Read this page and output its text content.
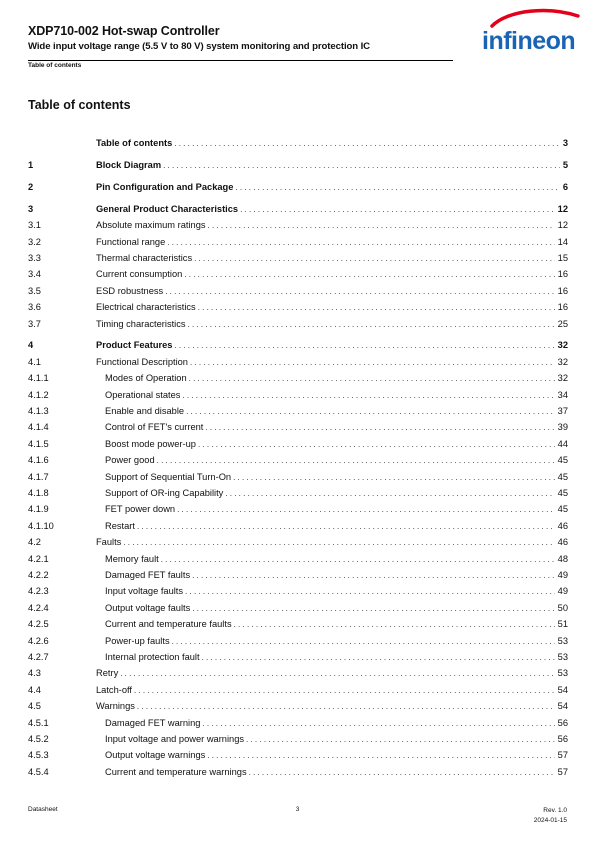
XDP710-002 Hot-swap Controller
Wide input voltage range (5.5 V to 80 V) system monitoring and protection IC
Table of contents
infineon
Table of contents
Table of contents . . .	3
1	Block Diagram . . .	5
2	Pin Configuration and Package . . .	6
3	General Product Characteristics . . .	12
3.1	Absolute maximum ratings . . .	12
3.2	Functional range . . .	14
3.3	Thermal characteristics . . .	15
3.4	Current consumption . . .	16
3.5	ESD robustness . . .	16
3.6	Electrical characteristics . . .	16
3.7	Timing characteristics . . .	25
4	Product Features . . .	32
4.1	Functional Description . . .	32
4.1.1	Modes of Operation . . .	32
4.1.2	Operational states . . .	34
4.1.3	Enable and disable . . .	37
4.1.4	Control of FET's current . . .	39
4.1.5	Boost mode power-up . . .	44
4.1.6	Power good . . .	45
4.1.7	Support of Sequential Turn-On . . .	45
4.1.8	Support of OR-ing Capability . . .	45
4.1.9	FET power down . . .	45
4.1.10	Restart . . .	46
4.2	Faults . . .	46
4.2.1	Memory fault . . .	48
4.2.2	Damaged FET faults . . .	49
4.2.3	Input voltage faults . . .	49
4.2.4	Output voltage faults . . .	50
4.2.5	Current and temperature faults . . .	51
4.2.6	Power-up faults . . .	53
4.2.7	Internal protection fault . . .	53
4.3	Retry . . .	53
4.4	Latch-off . . .	54
4.5	Warnings . . .	54
4.5.1	Damaged FET warning . . .	56
4.5.2	Input voltage and power warnings . . .	56
4.5.3	Output voltage warnings . . .	57
4.5.4	Current and temperature warnings . . .	57
Datasheet	3	Rev. 1.0
2024-01-15
